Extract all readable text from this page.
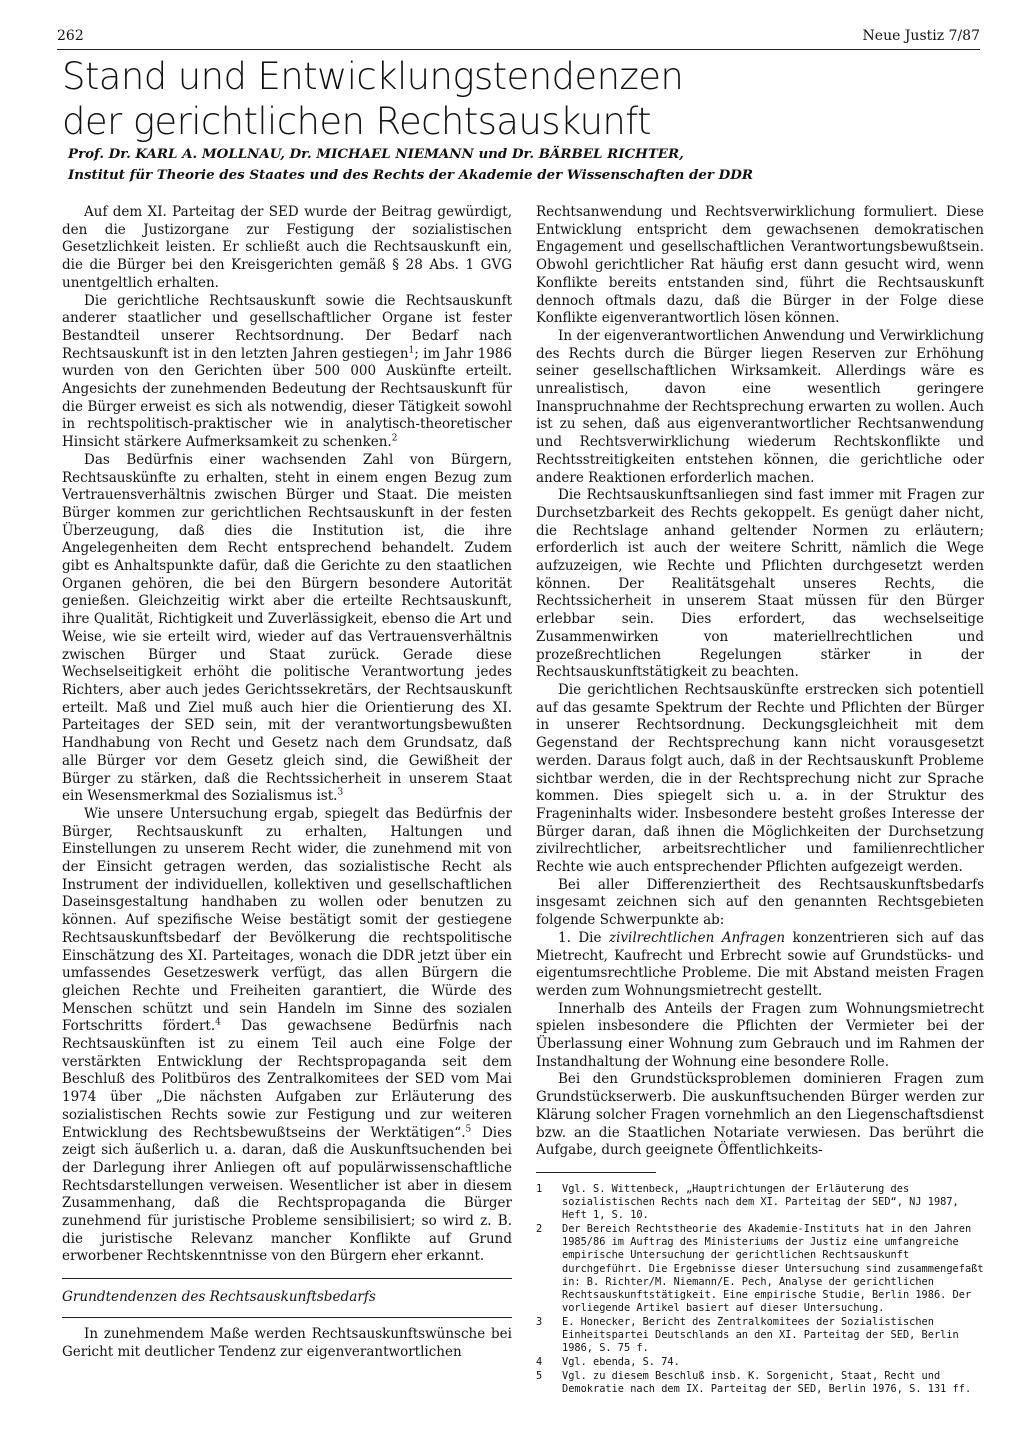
262	Neue Justiz 7/87
Stand und Entwicklungstendenzen
der gerichtlichen Rechtsauskunft
Prof. Dr. KARL A. MOLLNAU, Dr. MICHAEL NIEMANN und Dr. BÄRBEL RICHTER,
Institut für Theorie des Staates und des Rechts der Akademie der Wissenschaften der DDR

Auf dem XI. Parteitag der SED wurde der Beitrag gewürdigt, den die Justizorgane zur Festigung der sozialistischen Gesetzlichkeit leisten. Er schließt auch die Rechtsauskunft ein, die die Bürger bei den Kreisgerichten gemäß § 28 Abs. 1 GVG unentgeltlich erhalten.

Die gerichtliche Rechtsauskunft sowie die Rechtsauskunft anderer staatlicher und gesellschaftlicher Organe ist fester Bestandteil unserer Rechtsordnung. Der Bedarf nach Rechtsauskunft ist in den letzten Jahren gestiegen$^1$; im Jahr 1986 wurden von den Gerichten über 500 000 Auskünfte erteilt. Angesichts der zunehmenden Bedeutung der Rechtsauskunft für die Bürger erweist es sich als notwendig, dieser Tätigkeit sowohl in rechtspolitisch-praktischer wie in analytisch-theoretischer Hinsicht stärkere Aufmerksamkeit zu schenken.$^2$

Das Bedürfnis einer wachsenden Zahl von Bürgern, Rechtsauskünfte zu erhalten, steht in einem engen Bezug zum Vertrauensverhältnis zwischen Bürger und Staat. Die meisten Bürger kommen zur gerichtlichen Rechtsauskunft in der festen Überzeugung, daß dies die Institution ist, die ihre Angelegenheiten dem Recht entsprechend behandelt. Zudem gibt es Anhaltspunkte dafür, daß die Gerichte zu den staatlichen Organen gehören, die bei den Bürgern besondere Autorität genießen. Gleichzeitig wirkt aber die erteilte Rechtsauskunft, ihre Qualität, Richtigkeit und Zuverlässigkeit, ebenso die Art und Weise, wie sie erteilt wird, wieder auf das Vertrauensverhältnis zwischen Bürger und Staat zurück. Gerade diese Wechselseitigkeit erhöht die politische Verantwortung jedes Richters, aber auch jedes Gerichtssekretärs, der Rechtsauskunft erteilt. Maß und Ziel muß auch hier die Orientierung des XI. Parteitages der SED sein, mit der verantwortungsbewußten Handhabung von Recht und Gesetz nach dem Grundsatz, daß alle Bürger vor dem Gesetz gleich sind, die Gewißheit der Bürger zu stärken, daß die Rechtssicherheit in unserem Staat ein Wesensmerkmal des Sozialismus ist.$^3$

Wie unsere Untersuchung ergab, spiegelt das Bedürfnis der Bürger, Rechtsauskunft zu erhalten, Haltungen und Einstellungen zu unserem Recht wider, die zunehmend mit von der Einsicht getragen werden, das sozialistische Recht als Instrument der individuellen, kollektiven und gesellschaftlichen Daseinsgestaltung handhaben zu wollen oder benutzen zu können. Auf spezifische Weise bestätigt somit der gestiegene Rechtsauskunftsbedarf der Bevölkerung die rechtspolitische Einschätzung des XI. Parteitages, wonach die DDR jetzt über ein umfassendes Gesetzeswerk verfügt, das allen Bürgern die gleichen Rechte und Freiheiten garantiert, die Würde des Menschen schützt und sein Handeln im Sinne des sozialen Fortschritts fördert.$^4$ Das gewachsene Bedürfnis nach Rechtsauskünften ist zu einem Teil auch eine Folge der verstärkten Entwicklung der Rechtspropaganda seit dem Beschluß des Politbüros des Zentralkomitees der SED vom Mai 1974 über „Die nächsten Aufgaben zur Erläuterung des sozialistischen Rechts sowie zur Festigung und zur weiteren Entwicklung des Rechtsbewußtseins der Werktätigen“.$^5$ Dies zeigt sich äußerlich u. a. daran, daß die Auskunftsuchenden bei der Darlegung ihrer Anliegen oft auf populärwissenschaftliche Rechtsdarstellungen verweisen. Wesentlicher ist aber in diesem Zusammenhang, daß die Rechtspropaganda die Bürger zunehmend für juristische Probleme sensibilisiert; so wird z. B. die juristische Relevanz mancher Konflikte auf Grund erworbener Rechtskenntnisse von den Bürgern eher erkannt.

Grundtendenzen des Rechtsauskunftsbedarfs

In zunehmendem Maße werden Rechtsauskunftswünsche bei Gericht mit deutlicher Tendenz zur eigenverantwortlichen

Rechtsanwendung und Rechtsverwirklichung formuliert. Diese Entwicklung entspricht dem gewachsenen demokratischen Engagement und gesellschaftlichen Verantwortungsbewußtsein. Obwohl gerichtlicher Rat häufig erst dann gesucht wird, wenn Konflikte bereits entstanden sind, führt die Rechtsauskunft dennoch oftmals dazu, daß die Bürger in der Folge diese Konflikte eigenverantwortlich lösen können.

In der eigenverantwortlichen Anwendung und Verwirklichung des Rechts durch die Bürger liegen Reserven zur Erhöhung seiner gesellschaftlichen Wirksamkeit. Allerdings wäre es unrealistisch, davon eine wesentlich geringere Inanspruchnahme der Rechtsprechung erwarten zu wollen. Auch ist zu sehen, daß aus eigenverantwortlicher Rechtsanwendung und Rechtsverwirklichung wiederum Rechtskonflikte und Rechtsstreitigkeiten entstehen können, die gerichtliche oder andere Reaktionen erforderlich machen.

Die Rechtsauskunftsanliegen sind fast immer mit Fragen zur Durchsetzbarkeit des Rechts gekoppelt. Es genügt daher nicht, die Rechtslage anhand geltender Normen zu erläutern; erforderlich ist auch der weitere Schritt, nämlich die Wege aufzuzeigen, wie Rechte und Pflichten durchgesetzt werden können. Der Realitätsgehalt unseres Rechts, die Rechtssicherheit in unserem Staat müssen für den Bürger erlebbar sein. Dies erfordert, das wechselseitige Zusammenwirken von materiellrechtlichen und prozeßrechtlichen Regelungen stärker in der Rechtsauskunftstätigkeit zu beachten.

Die gerichtlichen Rechtsauskünfte erstrecken sich potentiell auf das gesamte Spektrum der Rechte und Pflichten der Bürger in unserer Rechtsordnung. Deckungsgleichheit mit dem Gegenstand der Rechtsprechung kann nicht vorausgesetzt werden. Daraus folgt auch, daß in der Rechtsauskunft Probleme sichtbar werden, die in der Rechtsprechung nicht zur Sprache kommen. Dies spiegelt sich u. a. in der Struktur des Frageninhalts wider. Insbesondere besteht großes Interesse der Bürger daran, daß ihnen die Möglichkeiten der Durchsetzung zivilrechtlicher, arbeitsrechtlicher und familienrechtlicher Rechte wie auch entsprechender Pflichten aufgezeigt werden.

Bei aller Differenziertheit des Rechtsauskunftsbedarfs insgesamt zeichnen sich auf den genannten Rechtsgebieten folgende Schwerpunkte ab:

1. Die zivilrechtlichen Anfragen konzentrieren sich auf das Mietrecht, Kaufrecht und Erbrecht sowie auf Grundstücks- und eigentumsrechtliche Probleme. Die mit Abstand meisten Fragen werden zum Wohnungsmietrecht gestellt.

Innerhalb des Anteils der Fragen zum Wohnungsmietrecht spielen insbesondere die Pflichten der Vermieter bei der Überlassung einer Wohnung zum Gebrauch und im Rahmen der Instandhaltung der Wohnung eine besondere Rolle.

Bei den Grundstücksproblemen dominieren Fragen zum Grundstückserwerb. Die auskunftsuchenden Bürger werden zur Klärung solcher Fragen vornehmlich an den Liegenschaftsdienst bzw. an die Staatlichen Notariate verwiesen. Das berührt die Aufgabe, durch geeignete Öffentlichkeits-

1	Vgl. S. Wittenbeck, „Hauptrichtungen der Erläuterung des sozialistischen Rechts nach dem XI. Parteitag der SED“, NJ 1987, Heft 1, S. 10.
2	Der Bereich Rechtstheorie des Akademie-Instituts hat in den Jahren 1985/86 im Auftrag des Ministeriums der Justiz eine umfangreiche empirische Untersuchung der gerichtlichen Rechtsauskunft durchgeführt. Die Ergebnisse dieser Untersuchung sind zusammengefaßt in: B. Richter/M. Niemann/E. Pech, Analyse der gerichtlichen Rechtsauskunftstätigkeit. Eine empirische Studie, Berlin 1986. Der vorliegende Artikel basiert auf dieser Untersuchung.
3	E. Honecker, Bericht des Zentralkomitees der Sozialistischen Einheitspartei Deutschlands an den XI. Parteitag der SED, Berlin 1986, S. 75 f.
4	Vgl. ebenda, S. 74.
5	Vgl. zu diesem Beschluß insb. K. Sorgenicht, Staat, Recht und Demokratie nach dem IX. Parteitag der SED, Berlin 1976, S. 131 ff.
